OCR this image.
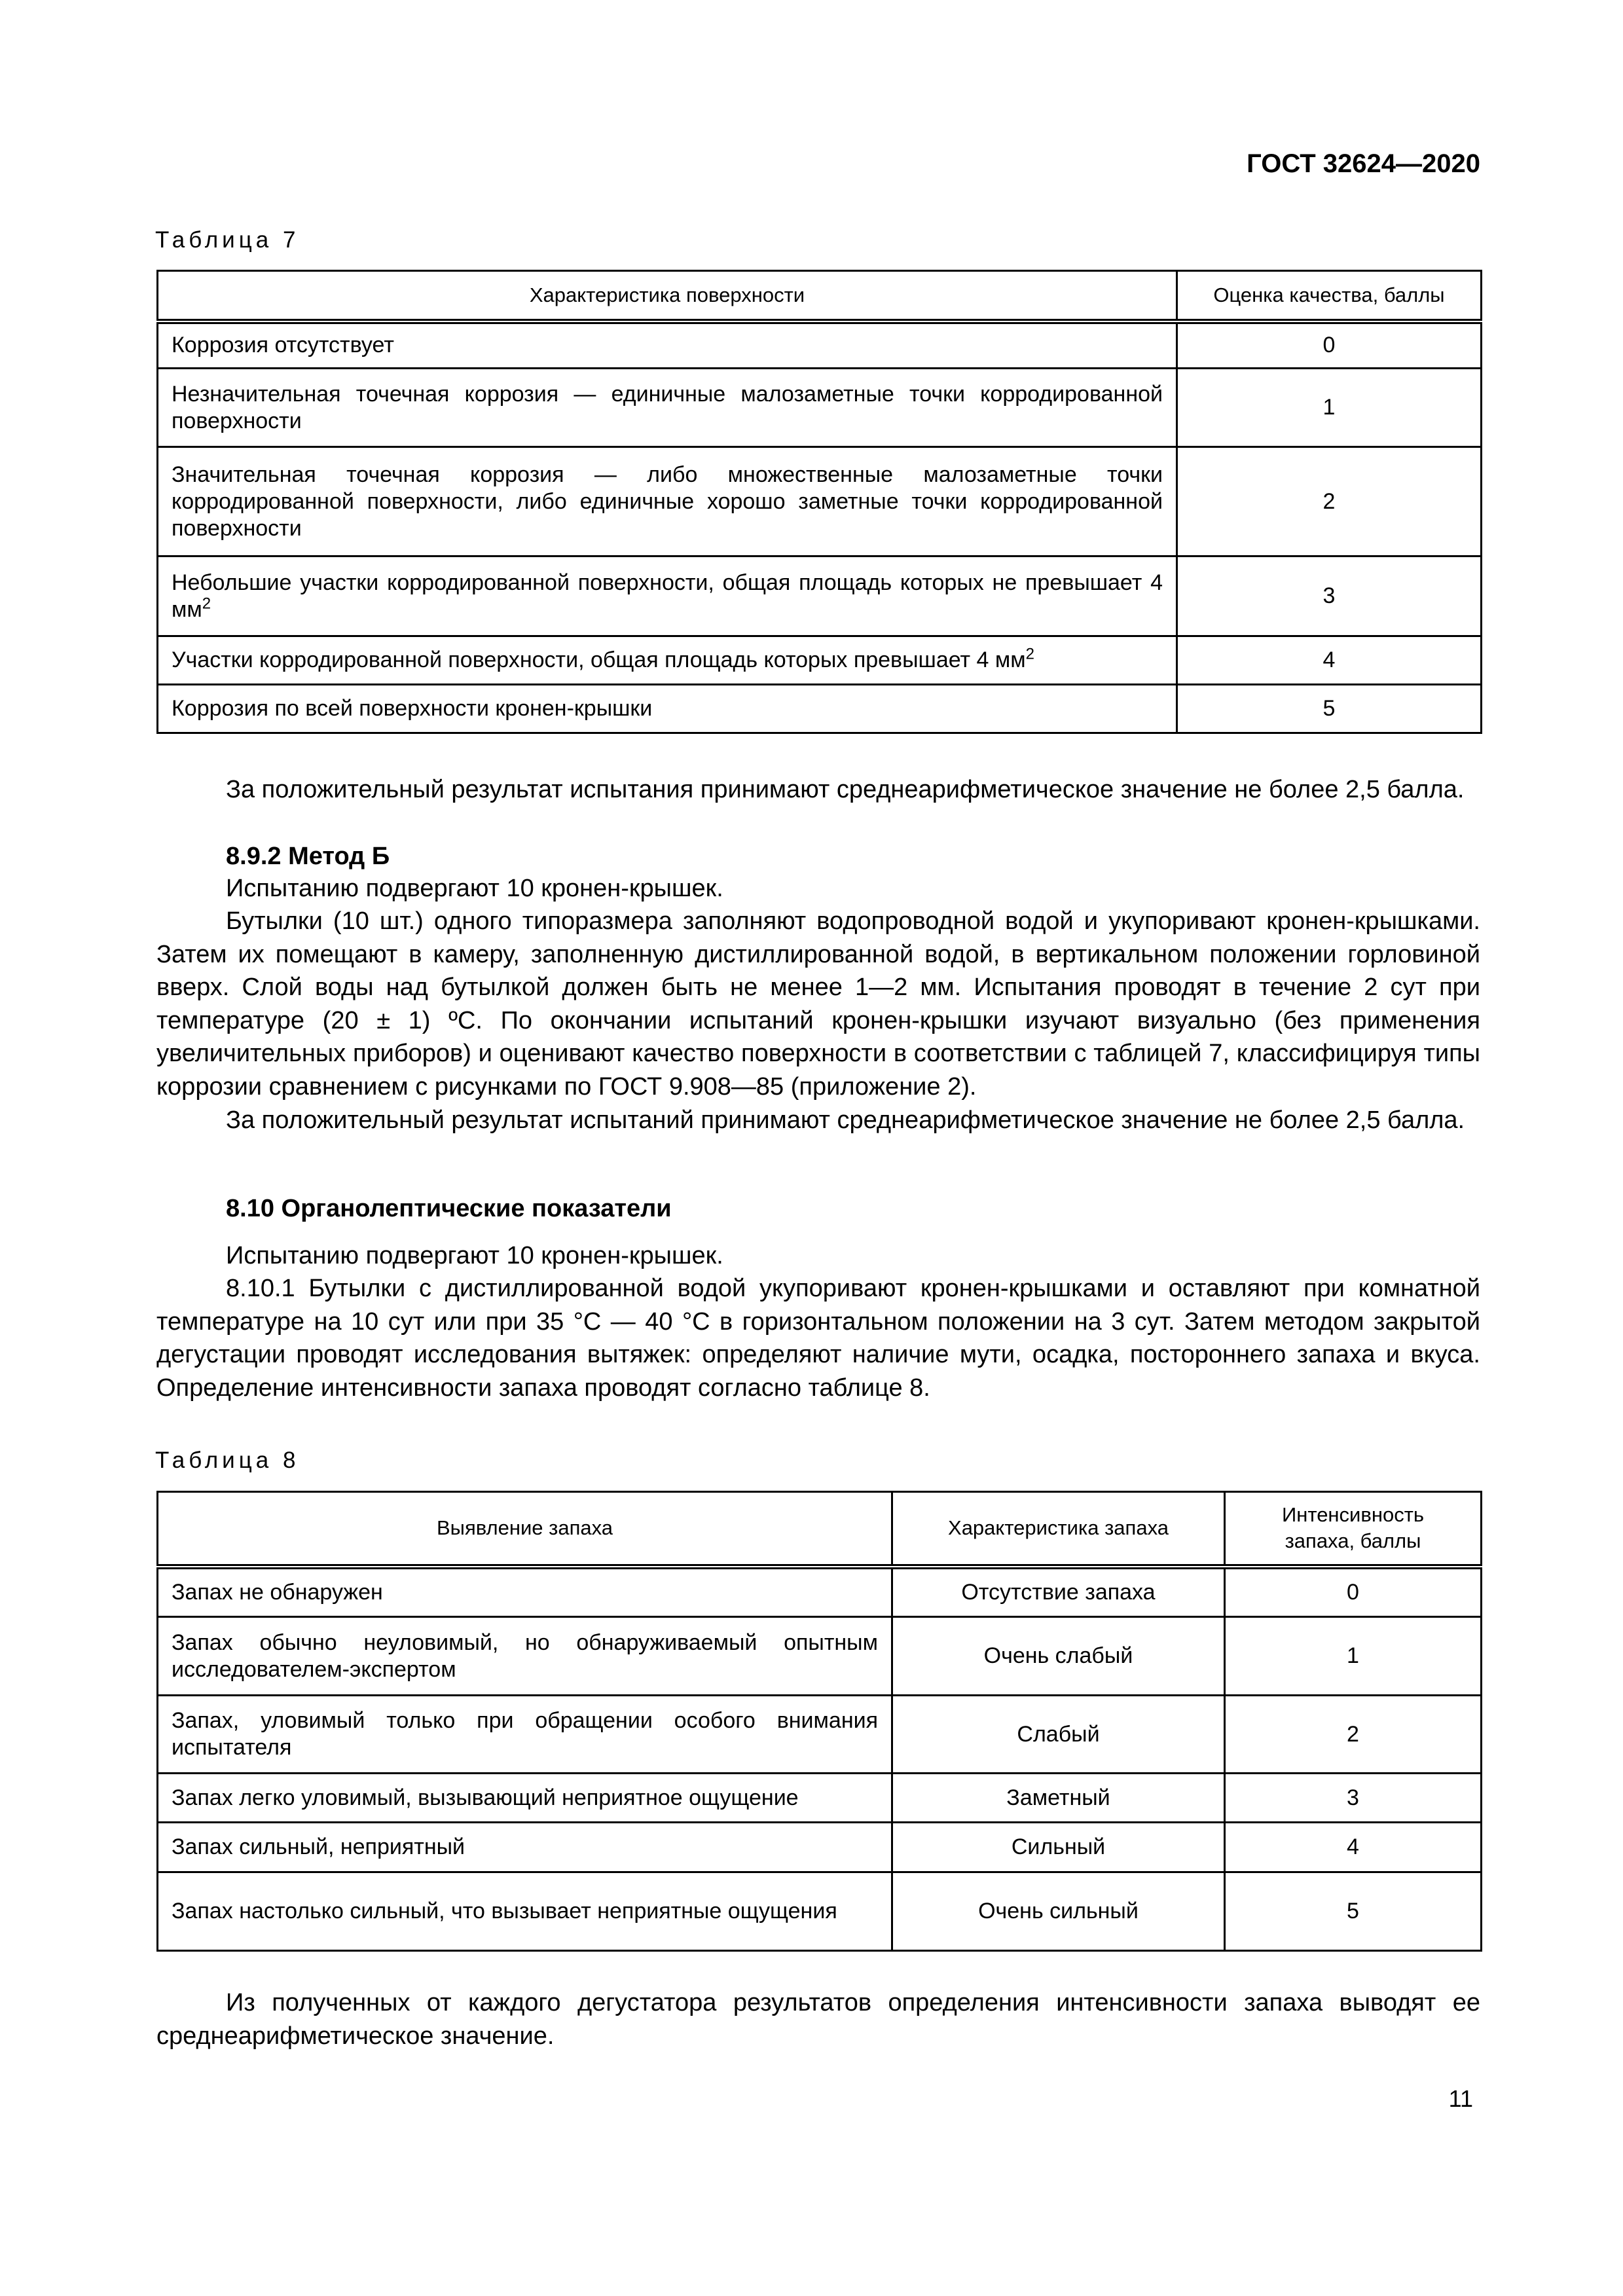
ГОСТ 32624—2020
Таблица 7
Характеристика поверхности	Оценка качества, баллы
Коррозия отсутствует	0
Незначительная точечная коррозия — единичные малозаметные точки корродированной поверхности	1
Значительная точечная коррозия — либо множественные малозаметные точки корродированной поверхности, либо единичные хорошо заметные точки корродированной поверхности	2
Небольшие участки корродированной поверхности, общая площадь которых не превышает 4 $мм^2$	3
Участки корродированной поверхности, общая площадь которых превышает 4 $мм^2$	4
Коррозия по всей поверхности кронен-крышки	5
За положительный результат испытания принимают среднеарифметическое значение не более 2,5 балла.
8.9.2 Метод Б
Испытанию подвергают 10 кронен-крышек.
Бутылки (10 шт.) одного типоразмера заполняют водопроводной водой и укупоривают кронен-крышками. Затем их помещают в камеру, заполненную дистиллированной водой, в вертикальном положении горловиной вверх. Слой воды над бутылкой должен быть не менее 1—2 мм. Испытания проводят в течение 2 сут при температуре (20 ± 1) ºС. По окончании испытаний кронен-крышки изучают визуально (без применения увеличительных приборов) и оценивают качество поверхности в соответствии с таблицей 7, классифицируя типы коррозии сравнением с рисунками по ГОСТ 9.908—85 (приложение 2).
За положительный результат испытаний принимают среднеарифметическое значение не более 2,5 балла.
8.10 Органолептические показатели
Испытанию подвергают 10 кронен-крышек.
8.10.1 Бутылки с дистиллированной водой укупоривают кронен-крышками и оставляют при комнатной температуре на 10 сут или при 35 °С — 40 °С в горизонтальном положении на 3 сут. Затем методом закрытой дегустации проводят исследования вытяжек: определяют наличие мути, осадка, постороннего запаха и вкуса. Определение интенсивности запаха проводят согласно таблице 8.
Таблица 8
Выявление запаха	Характеристика запаха	Интенсивность запаха, баллы
Запах не обнаружен	Отсутствие запаха	0
Запах обычно неуловимый, но обнаруживаемый опытным исследователем-экспертом	Очень слабый	1
Запах, уловимый только при обращении особого внимания испытателя	Слабый	2
Запах легко уловимый, вызывающий неприятное ощущение	Заметный	3
Запах сильный, неприятный	Сильный	4
Запах настолько сильный, что вызывает неприятные ощущения	Очень сильный	5
Из полученных от каждого дегустатора результатов определения интенсивности запаха выводят ее среднеарифметическое значение.
11
